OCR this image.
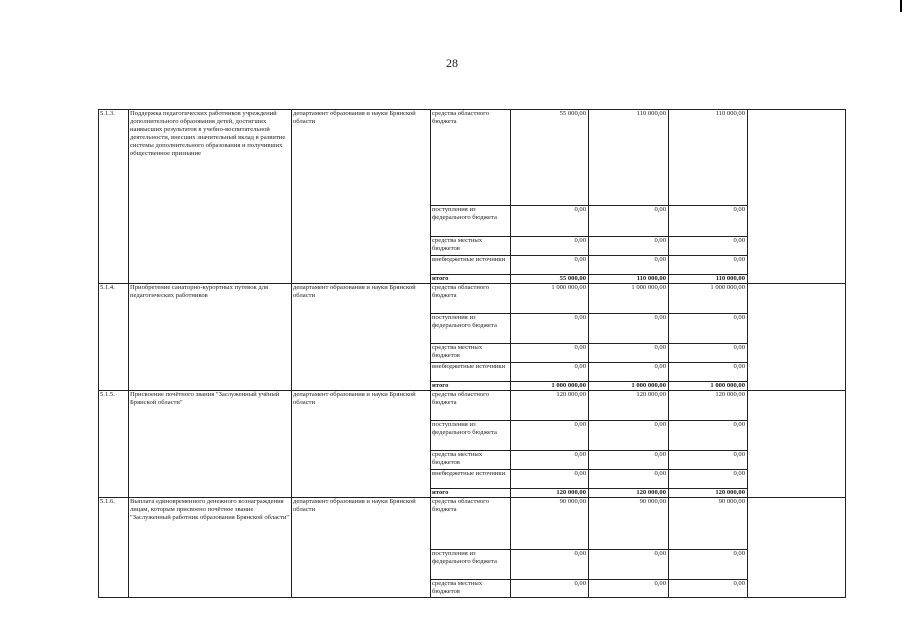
28
5.1.3.	Поддержка педагогических работников учреждений дополнительного образования детей, достигших наивысших результатов в учебно-воспитательной деятельности, внесших значительный вклад в развитие системы дополнительного образования и получивших общественное признание	департамент образования и науки Брянской области	средства областного бюджета	55 000,00	110 000,00	110 000,00	
			поступления из федерального бюджета	0,00	0,00	0,00	
			средства местных бюджетов	0,00	0,00	0,00	
			внебюджетные источники	0,00	0,00	0,00	
			итого	55 000,00	110 000,00	110 000,00	
5.1.4.	Приобретение санаторно-курортных путевок для педагогических работников	департамент образования и науки Брянской области	средства областного бюджета	1 000 000,00	1 000 000,00	1 000 000,00	
			поступления из федерального бюджета	0,00	0,00	0,00	
			средства местных бюджетов	0,00	0,00	0,00	
			внебюджетные источники	0,00	0,00	0,00	
			итого	1 000 000,00	1 000 000,00	1 000 000,00	
5.1.5.	Присвоение почётного звания "Заслуженный учёный Брянской области"	департамент образования и науки Брянской области	средства областного бюджета	120 000,00	120 000,00	120 000,00	
			поступления из федерального бюджета	0,00	0,00	0,00	
			средства местных бюджетов	0,00	0,00	0,00	
			внебюджетные источники	0,00	0,00	0,00	
			итого	120 000,00	120 000,00	120 000,00	
5.1.6.	Выплата единовременного денежного вознаграждения лицам, которым присвоено почётное звание "Заслуженный работник образования Брянской области"	департамент образования и науки Брянской области	средства областного бюджета	90 000,00	90 000,00	90 000,00	
			поступления из федерального бюджета	0,00	0,00	0,00	
			средства местных бюджетов	0,00	0,00	0,00	
